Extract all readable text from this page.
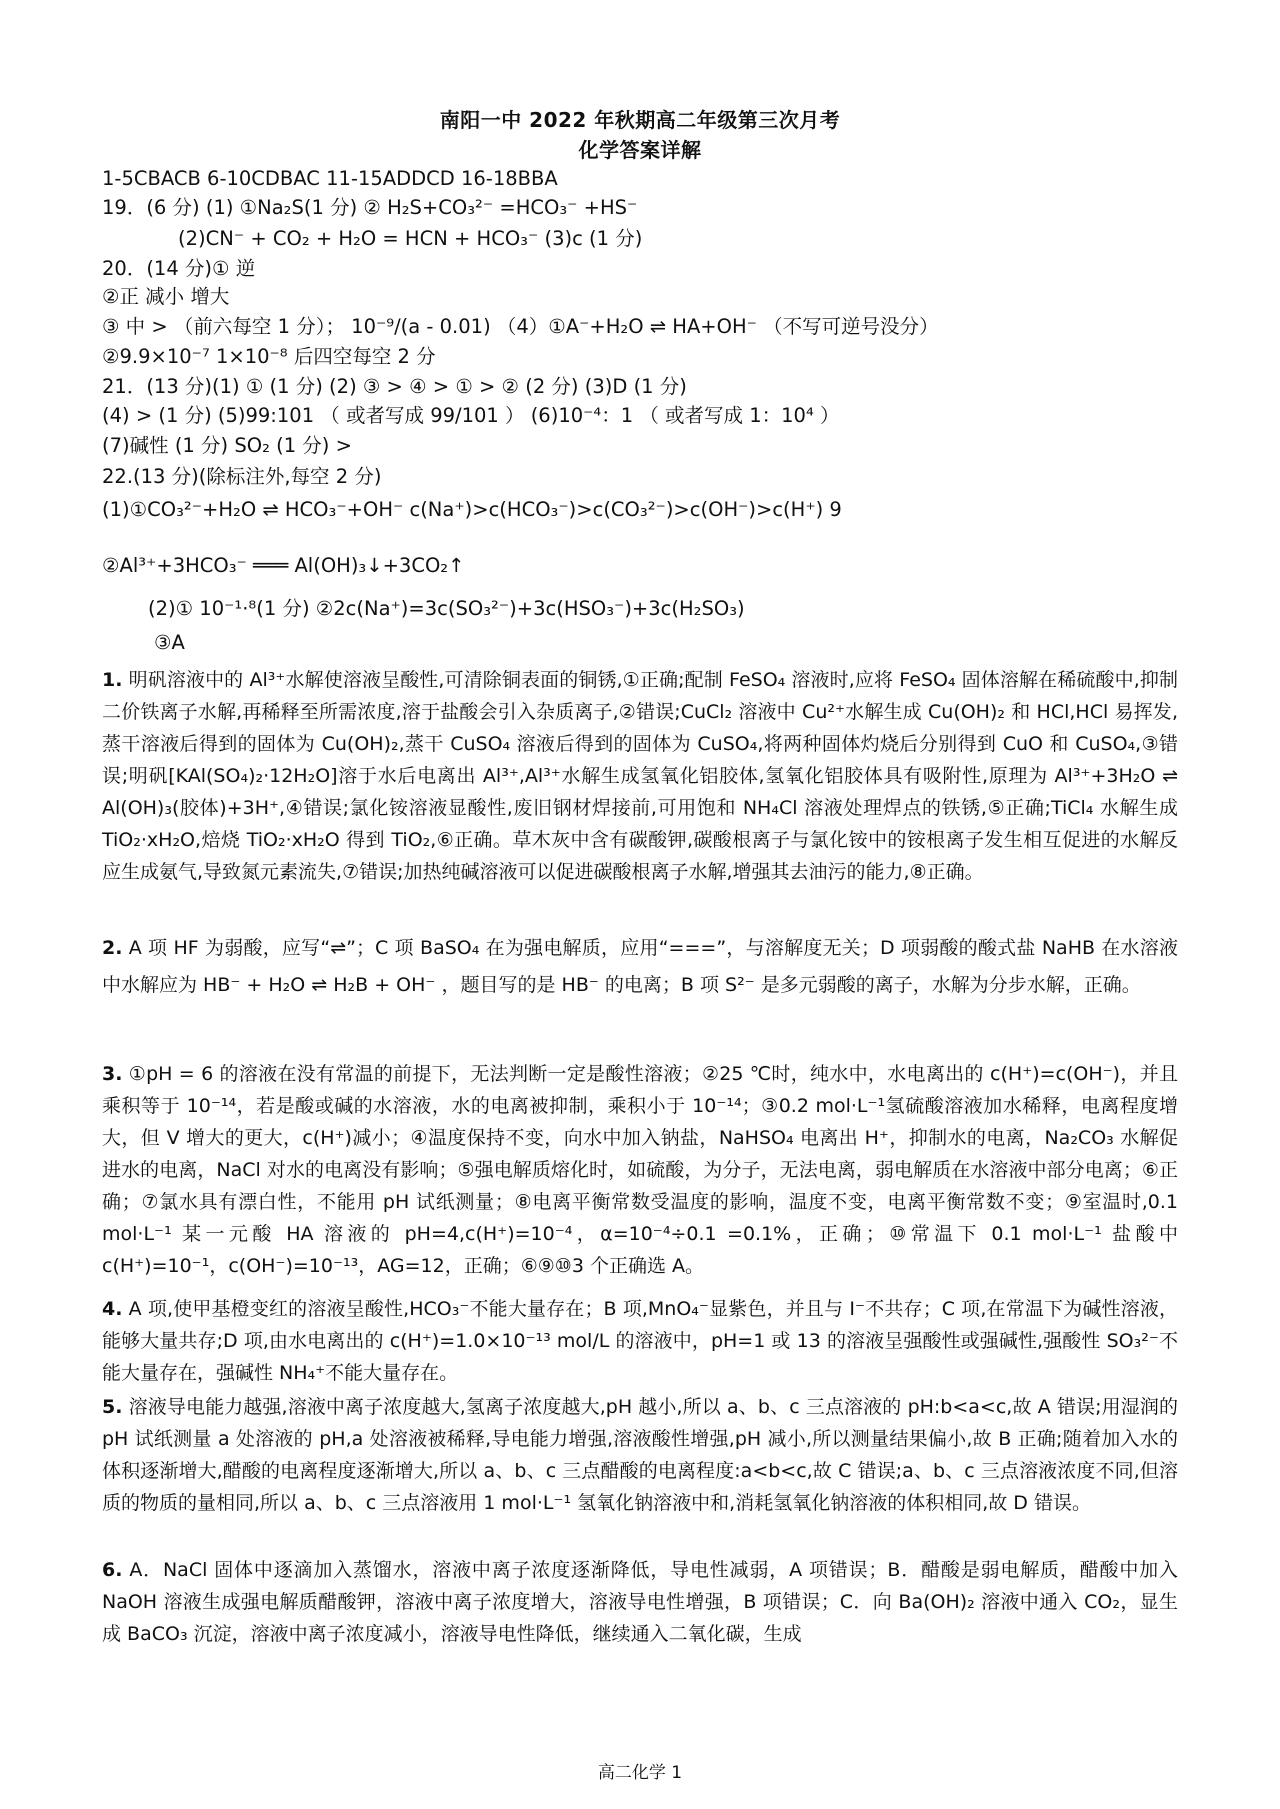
南阳一中 2022 年秋期高二年级第三次月考
化学答案详解
1-5CBACB 6-10CDBAC 11-15ADDCD 16-18BBA
19．(6 分) (1) ①Na₂S(1 分) ② H₂S+CO₃²⁻ =HCO₃⁻ +HS⁻
(2)CN⁻ + CO₂ + H₂O = HCN + HCO₃⁻ (3)c (1 分)
20．(14 分)① 逆
②正 减小 增大
③ 中 > （前六每空 1 分）； 10⁻⁹/(a - 0.01) （4）①A⁻+H₂O ⇌ HA+OH⁻ （不写可逆号没分）
②9.9×10⁻⁷ 1×10⁻⁸ 后四空每空 2 分
21．(13 分)(1) ① (1 分) (2) ③ > ④ > ① > ② (2 分) (3)D (1 分)
(4) > (1 分) (5)99:101 （ 或者写成 99/101 ） (6)10⁻⁴：1 （ 或者写成 1：10⁴ ）
(7)碱性 (1 分) SO₂ (1 分) >
22.(13 分)(除标注外,每空 2 分)
(1)①CO₃²⁻+H₂O ⇌ HCO₃⁻+OH⁻ c(Na⁺)>c(HCO₃⁻)>c(CO₃²⁻)>c(OH⁻)>c(H⁺) 9
②Al³⁺+3HCO₃⁻ ═══ Al(OH)₃↓+3CO₂↑
(2)① 10⁻¹·⁸(1 分) ②2c(Na⁺)=3c(SO₃²⁻)+3c(HSO₃⁻)+3c(H₂SO₃)
③A
1. 明矾溶液中的 Al³⁺水解使溶液呈酸性,可清除铜表面的铜锈,①正确;配制 FeSO₄ 溶液时,应将 FeSO₄ 固体溶解在稀硫酸中,抑制二价铁离子水解,再稀释至所需浓度,溶于盐酸会引入杂质离子,②错误;CuCl₂ 溶液中 Cu²⁺水解生成 Cu(OH)₂ 和 HCl,HCl 易挥发,蒸干溶液后得到的固体为 Cu(OH)₂,蒸干 CuSO₄ 溶液后得到的固体为 CuSO₄,将两种固体灼烧后分别得到 CuO 和 CuSO₄,③错误;明矾[KAl(SO₄)₂·12H₂O]溶于水后电离出 Al³⁺,Al³⁺水解生成氢氧化铝胶体,氢氧化铝胶体具有吸附性,原理为 Al³⁺+3H₂O ⇌ Al(OH)₃(胶体)+3H⁺,④错误;氯化铵溶液显酸性,废旧钢材焊接前,可用饱和 NH₄Cl 溶液处理焊点的铁锈,⑤正确;TiCl₄ 水解生成 TiO₂·xH₂O,焙烧 TiO₂·xH₂O 得到 TiO₂,⑥正确。草木灰中含有碳酸钾,碳酸根离子与氯化铵中的铵根离子发生相互促进的水解反应生成氨气,导致氮元素流失,⑦错误;加热纯碱溶液可以促进碳酸根离子水解,增强其去油污的能力,⑧正确。
2. A 项 HF 为弱酸，应写“⇌”；C 项 BaSO₄ 在为强电解质，应用“===”，与溶解度无关；D 项弱酸的酸式盐 NaHB 在水溶液中水解应为 HB⁻ + H₂O ⇌ H₂B + OH⁻ ，题目写的是 HB⁻ 的电离；B 项 S²⁻ 是多元弱酸的离子，水解为分步水解，正确。
3. ①pH = 6 的溶液在没有常温的前提下，无法判断一定是酸性溶液；②25 ℃时，纯水中，水电离出的 c(H⁺)=c(OH⁻)，并且乘积等于 10⁻¹⁴，若是酸或碱的水溶液，水的电离被抑制，乘积小于 10⁻¹⁴；③0.2 mol·L⁻¹氢硫酸溶液加水稀释，电离程度增大，但 V 增大的更大，c(H⁺)减小；④温度保持不变，向水中加入钠盐，NaHSO₄ 电离出 H⁺，抑制水的电离，Na₂CO₃ 水解促进水的电离，NaCl 对水的电离没有影响；⑤强电解质熔化时，如硫酸，为分子，无法电离，弱电解质在水溶液中部分电离；⑥正确；⑦氯水具有漂白性，不能用 pH 试纸测量；⑧电离平衡常数受温度的影响，温度不变，电离平衡常数不变；⑨室温时,0.1 mol·L⁻¹ 某一元酸 HA 溶液的 pH=4,c(H⁺)=10⁻⁴，α=10⁻⁴÷0.1 =0.1%，正确；⑩常温下 0.1 mol·L⁻¹ 盐酸中 c(H⁺)=10⁻¹，c(OH⁻)=10⁻¹³，AG=12，正确；⑥⑨⑩3 个正确选 A。
4. A 项,使甲基橙变红的溶液呈酸性,HCO₃⁻不能大量存在；B 项,MnO₄⁻显紫色，并且与 I⁻不共存；C 项,在常温下为碱性溶液，能够大量共存;D 项,由水电离出的 c(H⁺)=1.0×10⁻¹³ mol/L 的溶液中，pH=1 或 13 的溶液呈强酸性或强碱性,强酸性 SO₃²⁻不能大量存在，强碱性 NH₄⁺不能大量存在。
5. 溶液导电能力越强,溶液中离子浓度越大,氢离子浓度越大,pH 越小,所以 a、b、c 三点溶液的 pH:b<a<c,故 A 错误;用湿润的 pH 试纸测量 a 处溶液的 pH,a 处溶液被稀释,导电能力增强,溶液酸性增强,pH 减小,所以测量结果偏小,故 B 正确;随着加入水的体积逐渐增大,醋酸的电离程度逐渐增大,所以 a、b、c 三点醋酸的电离程度:a<b<c,故 C 错误;a、b、c 三点溶液浓度不同,但溶质的物质的量相同,所以 a、b、c 三点溶液用 1 mol·L⁻¹ 氢氧化钠溶液中和,消耗氢氧化钠溶液的体积相同,故 D 错误。
6. A．NaCl 固体中逐滴加入蒸馏水，溶液中离子浓度逐渐降低，导电性减弱，A 项错误；B．醋酸是弱电解质，醋酸中加入 NaOH 溶液生成强电解质醋酸钾，溶液中离子浓度增大，溶液导电性增强，B 项错误；C．向 Ba(OH)₂ 溶液中通入 CO₂，显生成 BaCO₃ 沉淀，溶液中离子浓度减小，溶液导电性降低，继续通入二氧化碳，生成
高二化学 1
